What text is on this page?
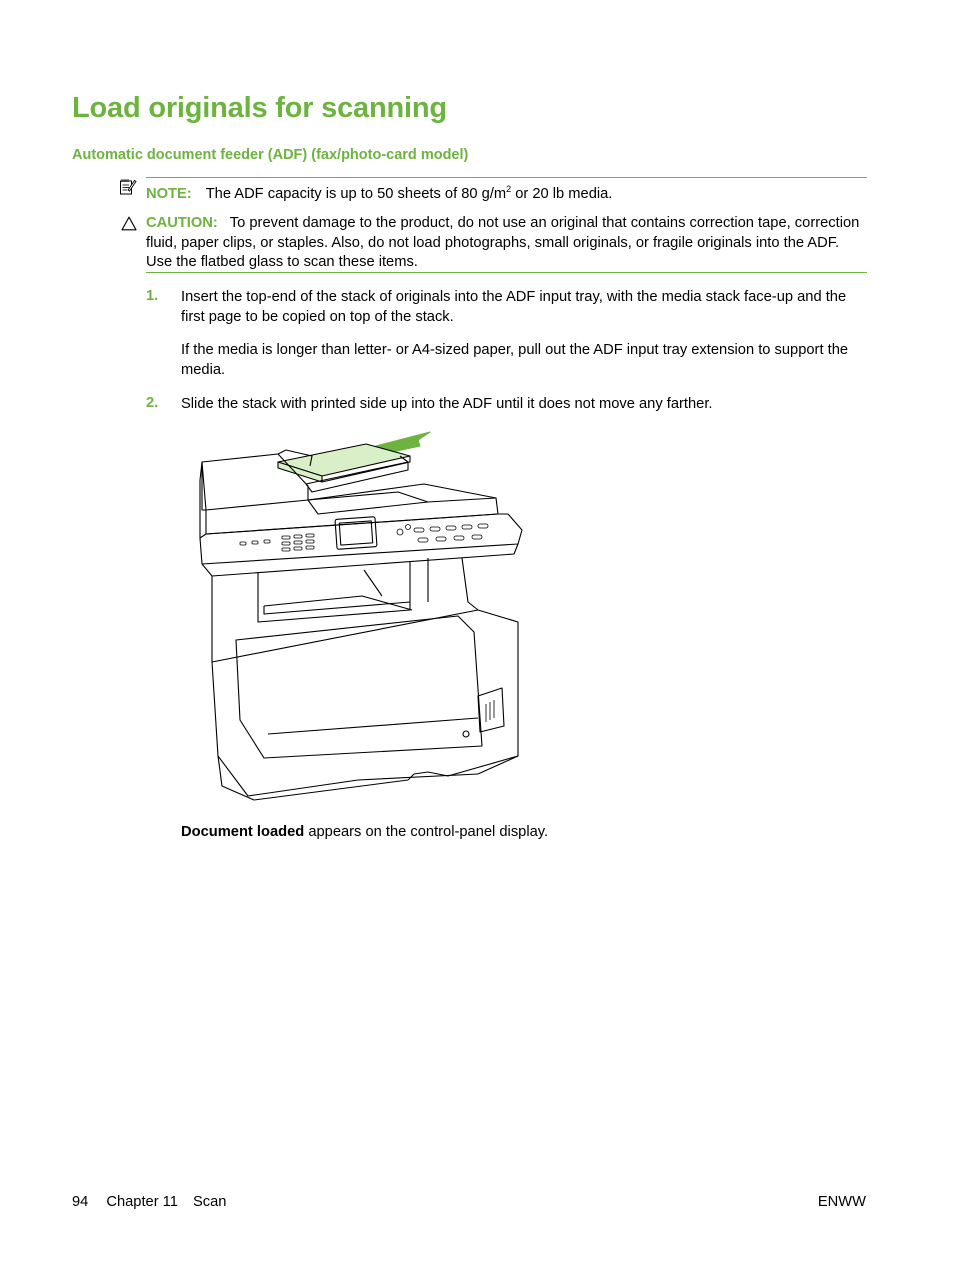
Load originals for scanning
Automatic document feeder (ADF) (fax/photo-card model)
NOTE: The ADF capacity is up to 50 sheets of 80 $g/m^2$ or 20 lb media.
CAUTION: To prevent damage to the product, do not use an original that contains correction tape, correction fluid, paper clips, or staples. Also, do not load photographs, small originals, or fragile originals into the ADF. Use the flatbed glass to scan these items.
1. Insert the top-end of the stack of originals into the ADF input tray, with the media stack face-up and the first page to be copied on top of the stack.

If the media is longer than letter- or A4-sized paper, pull out the ADF input tray extension to support the media.

2. Slide the stack with printed side up into the ADF until it does not move any farther.

Document loaded appears on the control-panel display.

94 Chapter 11 Scan	ENWW
